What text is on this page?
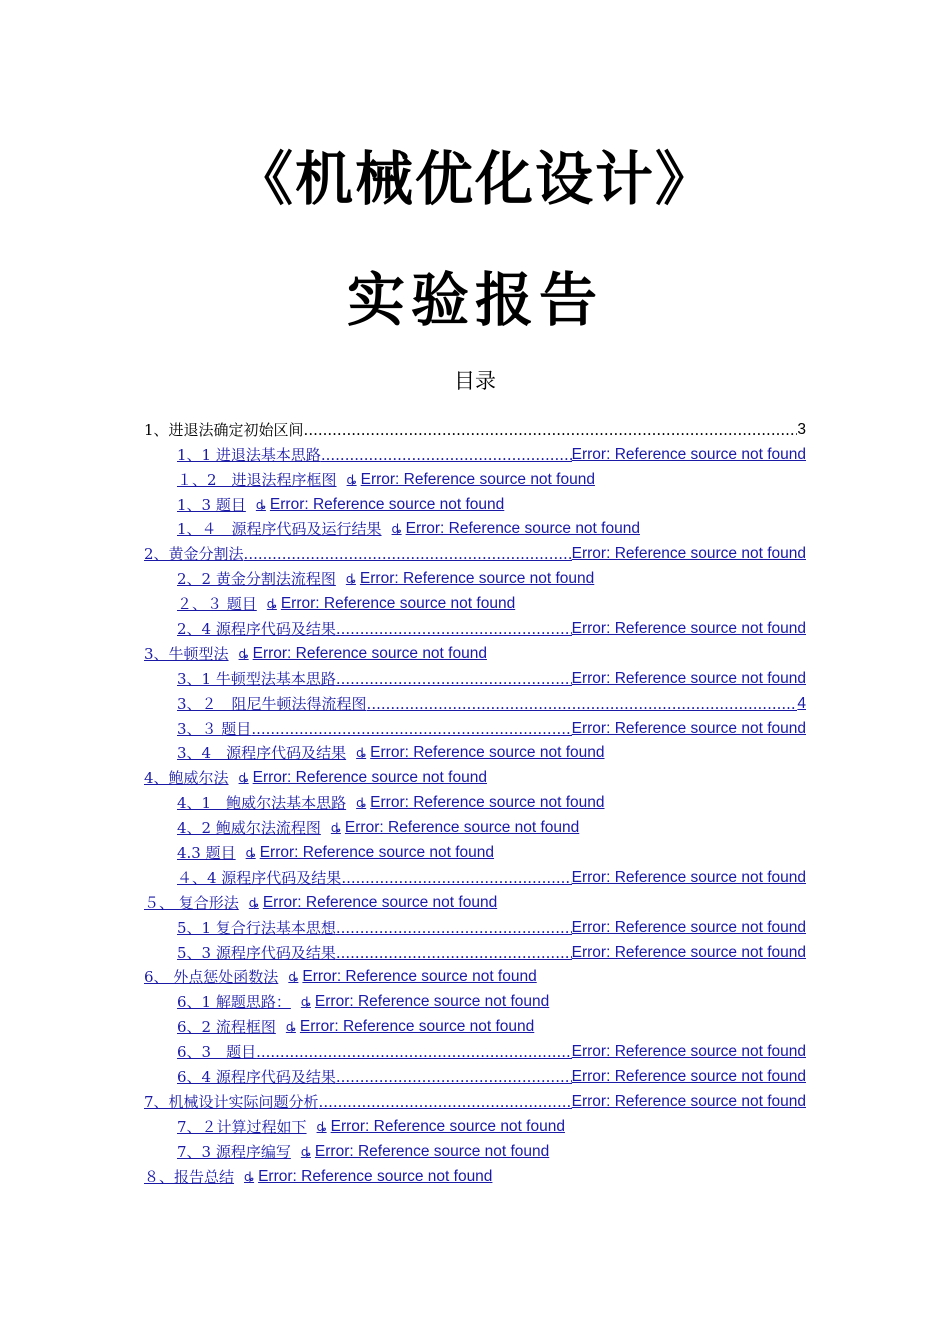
《机械优化设计》
实验报告
目录
1、进退法确定初始区间 .....	3
1、1 进退法基本思路 .....	Error: Reference source not found
１、2　进退法程序框图 ȡ Error: Reference source not found
1、3 题目 ȡ Error: Reference source not found
1、４　源程序代码及运行结果 ȡ Error: Reference source not found
2、黄金分割法 .....	Error: Reference source not found
2、2 黄金分割法流程图 ȡ Error: Reference source not found
２、３ 题目 ȡ Error: Reference source not found
2、4 源程序代码及结果 .....	Error: Reference source not found
3、牛顿型法 ȡ Error: Reference source not found
3、1 牛顿型法基本思路 .....	Error: Reference source not found
3、２　阻尼牛顿法得流程图 .....	4
3、３ 题目 .....	Error: Reference source not found
3、4　源程序代码及结果 ȡ Error: Reference source not found
4、鲍威尔法 ȡ Error: Reference source not found
4、1　鲍威尔法基本思路 ȡ Error: Reference source not found
4、2 鲍威尔法流程图 ȡ Error: Reference source not found
4.3 题目 ȡ Error: Reference source not found
４、4 源程序代码及结果 .....	Error: Reference source not found
５、 复合形法 ȡ Error: Reference source not found
5、1 复合行法基本思想 .....	Error: Reference source not found
5、3 源程序代码及结果 .....	Error: Reference source not found
6、 外点惩处函数法 ȡ Error: Reference source not found
6、1 解题思路： ȡ Error: Reference source not found
6、2 流程框图 ȡ Error: Reference source not found
6、3　题目 .....	Error: Reference source not found
6、4 源程序代码及结果 .....	Error: Reference source not found
7、机械设计实际问题分析 .....	Error: Reference source not found
7、２计算过程如下 ȡ Error: Reference source not found
7、3 源程序编写 ȡ Error: Reference source not found
８、报告总结 ȡ Error: Reference source not found
